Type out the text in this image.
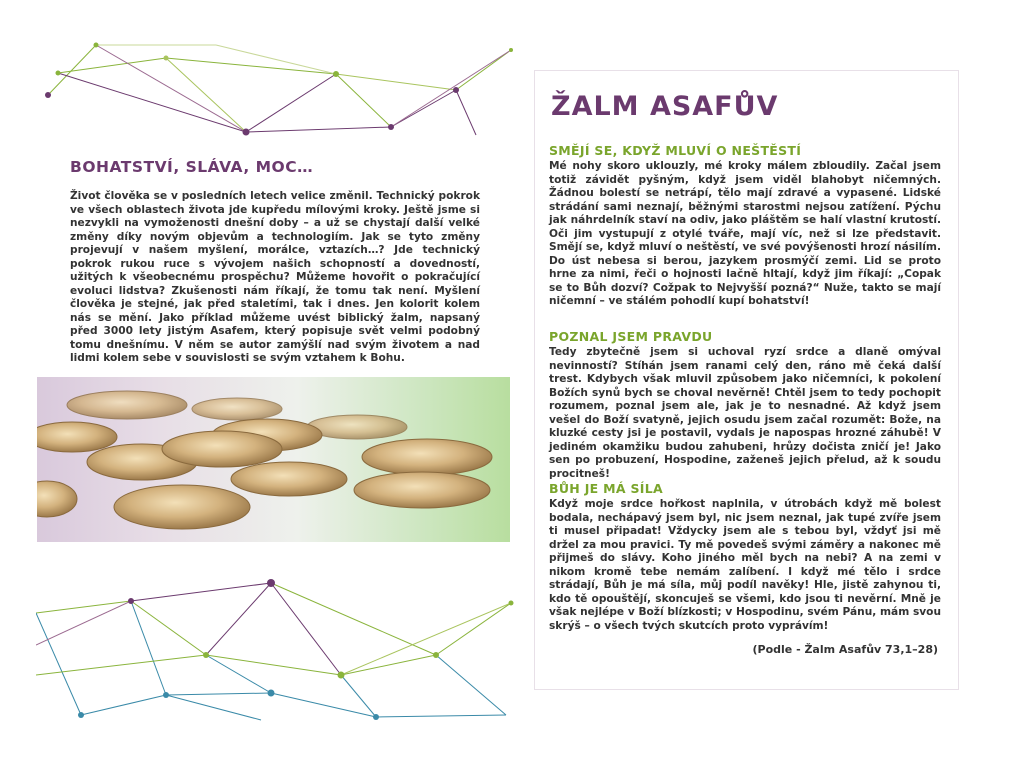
BOHATSTVÍ, SLÁVA, MOC…

Život člověka se v posledních letech velice změnil. Technický pokrok ve všech oblastech života jde kupředu mílovými kroky. Ještě jsme si nezvykli na vymoženosti dnešní doby – a už se chystají další velké změny díky novým objevům a technologiím. Jak se tyto změny projevují v našem myšlení, morálce, vztazích…? Jde technický pokrok rukou ruce s vývojem našich schopností a dovedností, užitých k všeobecnému prospěchu? Můžeme hovořit o pokračující evoluci lidstva? Zkušenosti nám říkají, že tomu tak není. Myšlení člověka je stejné, jak před staletími, tak i dnes. Jen kolorit kolem nás se mění. Jako příklad můžeme uvést biblický žalm, napsaný před 3000 lety jistým Asafem, který popisuje svět velmi podobný tomu dnešnímu. V něm se autor zamýšlí nad svým životem a nad lidmi kolem sebe v souvislosti se svým vztahem k Bohu.

ŽALM ASAFŮV
SMĚJÍ SE, KDYŽ MLUVÍ O NEŠTĚSTÍ

Mé nohy skoro uklouzly, mé kroky málem zbloudily. Začal jsem totiž závidět pyšným, když jsem viděl blahobyt ničemných. Žádnou bolestí se netrápí, tělo mají zdravé a vypasené. Lidské strádání sami neznají, běžnými starostmi nejsou zatížení. Pýchu jak náhrdelník staví na odiv, jako pláštěm se halí vlastní krutostí. Oči jim vystupují z otylé tváře, mají víc, než si lze představit. Smějí se, když mluví o neštěstí, ve své povýšenosti hrozí násilím. Do úst nebesa si berou, jazykem prosmýčí zemi. Lid se proto hrne za nimi, řeči o hojnosti lačně hltají, když jim říkají: „Copak se to Bůh dozví? Cožpak to Nejvyšší pozná?“ Nuže, takto se mají ničemní – ve stálém pohodlí kupí bohatství!

POZNAL JSEM PRAVDU

Tedy zbytečně jsem si uchoval ryzí srdce a dlaně omýval nevinností? Stíhán jsem ranami celý den, ráno mě čeká další trest. Kdybych však mluvil způsobem jako ničemníci, k pokolení Božích synů bych se choval nevěrně! Chtěl jsem to tedy pochopit rozumem, poznal jsem ale, jak je to nesnadné. Až když jsem vešel do Boží svatyně, jejich osudu jsem začal rozumět: Bože, na kluzké cesty jsi je postavil, vydals je napospas hrozné záhubě! V jediném okamžiku budou zahubeni, hrůzy dočista zničí je! Jako sen po probuzení, Hospodine, zaženeš jejich přelud, až k soudu procitneš!

BŮH JE MÁ SÍLA

Když moje srdce hořkost naplnila, v útrobách když mě bolest bodala, nechápavý jsem byl, nic jsem neznal, jak tupé zvíře jsem ti musel připadat! Vždycky jsem ale s tebou byl, vždyť jsi mě držel za mou pravici. Ty mě povedeš svými záměry a nakonec mě přijmeš do slávy. Koho jiného měl bych na nebi? A na zemi v nikom kromě tebe nemám zalíbení. I když mé tělo i srdce strádají, Bůh je má síla, můj podíl navěky! Hle, jistě zahynou ti, kdo tě opouštějí, skoncuješ se všemi, kdo jsou ti nevěrní. Mně je však nejlépe v Boží blízkosti; v Hospodinu, svém Pánu, mám svou skrýš – o všech tvých skutcích proto vyprávím!

(Podle - Žalm Asafův 73,1–28)
